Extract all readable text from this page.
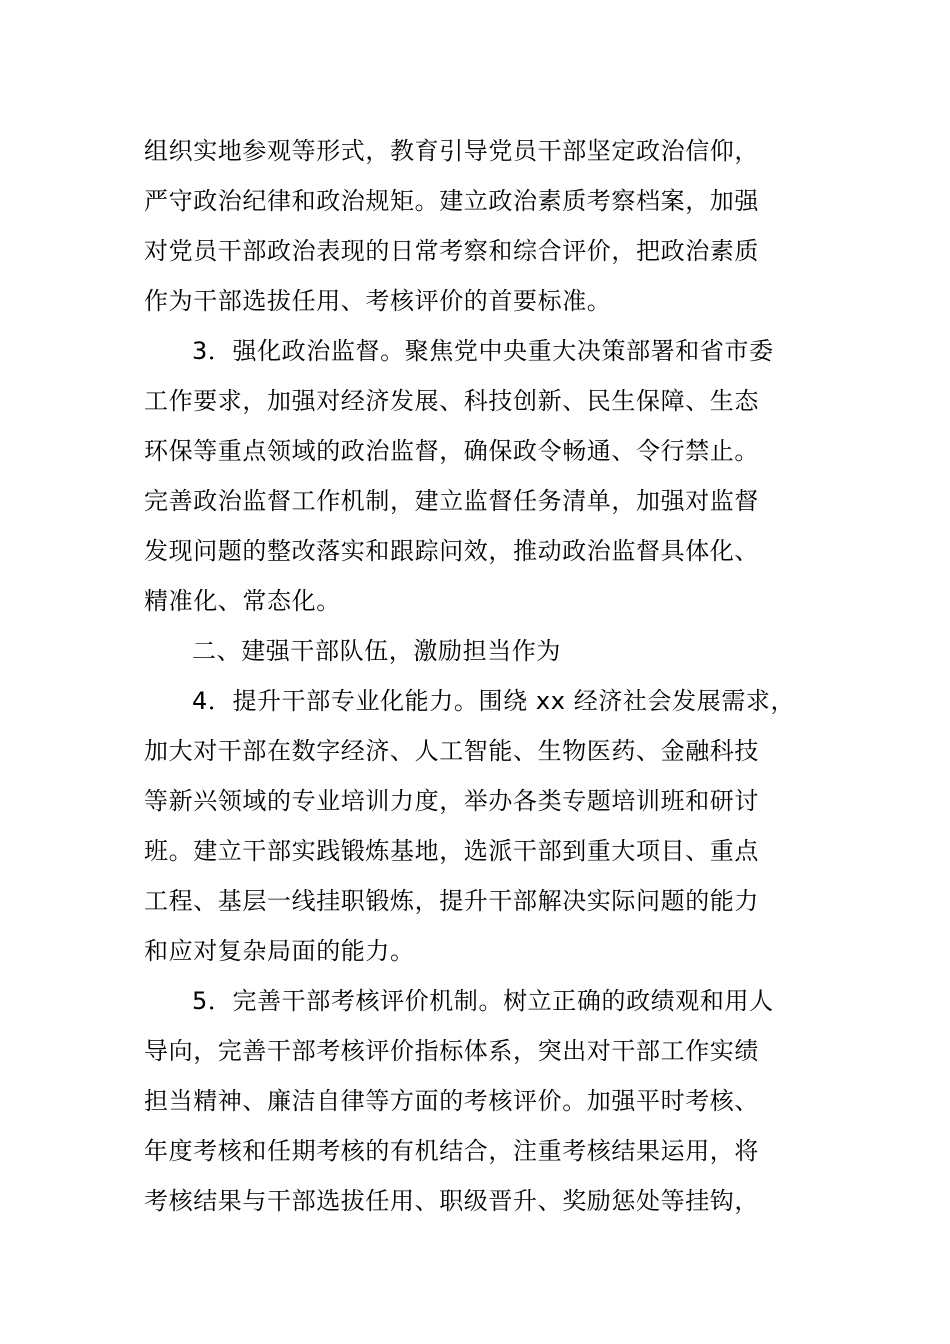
组织实地参观等形式，教育引导党员干部坚定政治信仰，
严守政治纪律和政治规矩。建立政治素质考察档案，加强
对党员干部政治表现的日常考察和综合评价，把政治素质
作为干部选拔任用、考核评价的首要标准。
3．强化政治监督。聚焦党中央重大决策部署和省市委
工作要求，加强对经济发展、科技创新、民生保障、生态
环保等重点领域的政治监督，确保政令畅通、令行禁止。
完善政治监督工作机制，建立监督任务清单，加强对监督
发现问题的整改落实和跟踪问效，推动政治监督具体化、
精准化、常态化。
二、建强干部队伍，激励担当作为
4．提升干部专业化能力。围绕 xx 经济社会发展需求，
加大对干部在数字经济、人工智能、生物医药、金融科技
等新兴领域的专业培训力度，举办各类专题培训班和研讨
班。建立干部实践锻炼基地，选派干部到重大项目、重点
工程、基层一线挂职锻炼，提升干部解决实际问题的能力
和应对复杂局面的能力。
5．完善干部考核评价机制。树立正确的政绩观和用人
导向，完善干部考核评价指标体系，突出对干部工作实绩
担当精神、廉洁自律等方面的考核评价。加强平时考核、
年度考核和任期考核的有机结合，注重考核结果运用，将
考核结果与干部选拔任用、职级晋升、奖励惩处等挂钩，
